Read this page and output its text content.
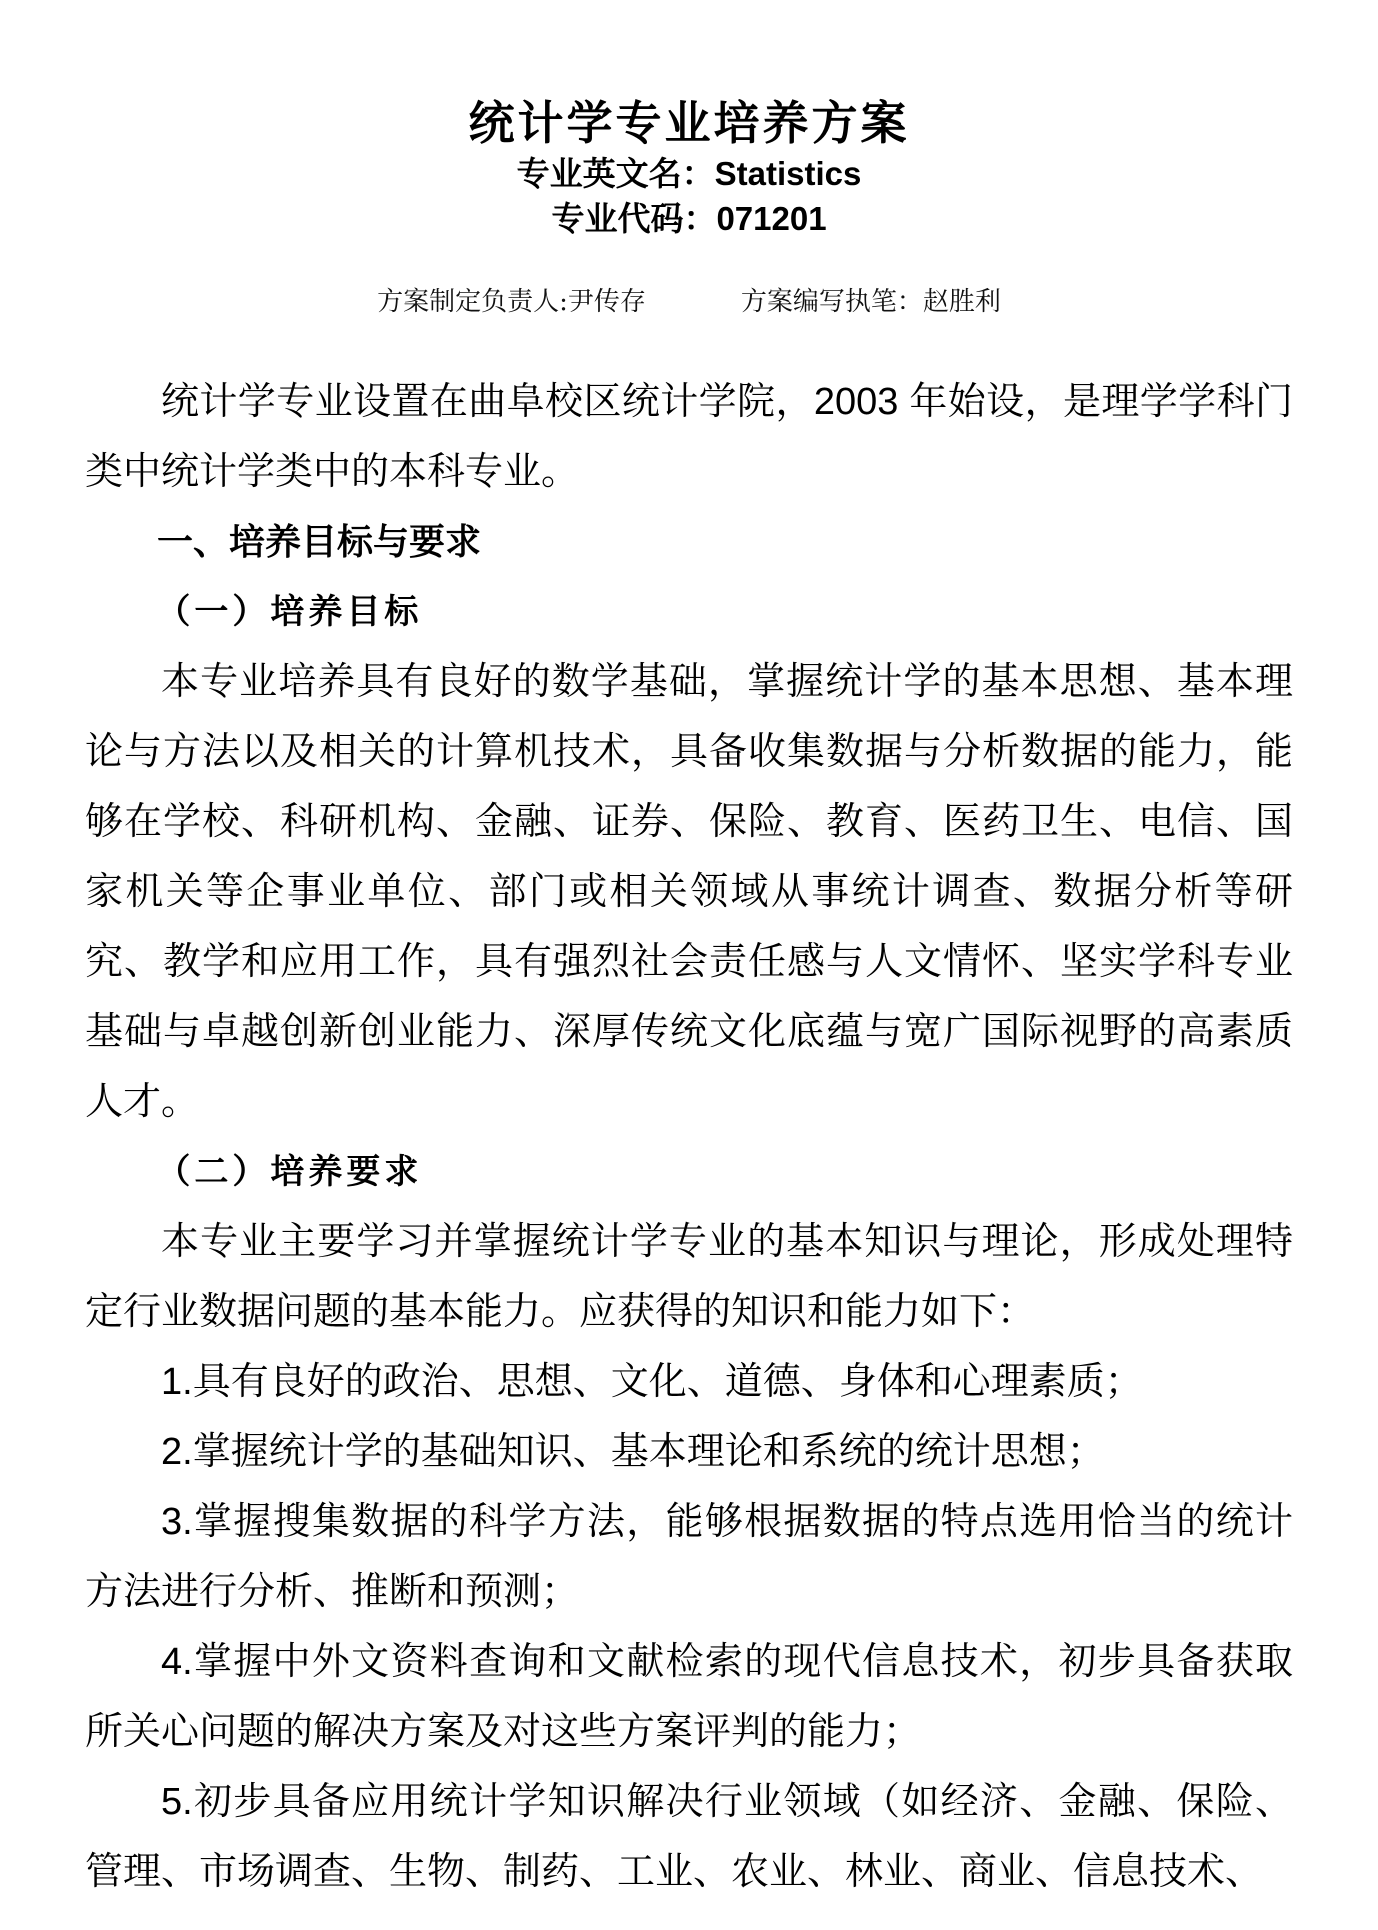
统计学专业培养方案
专业英文名：Statistics
专业代码：071201
方案制定负责人:尹传存	方案编写执笔：赵胜利

统计学专业设置在曲阜校区统计学院，2003 年始设，是理学学科门类中统计学类中的本科专业。

一、培养目标与要求
（一）培养目标

本专业培养具有良好的数学基础，掌握统计学的基本思想、基本理论与方法以及相关的计算机技术，具备收集数据与分析数据的能力，能够在学校、科研机构、金融、证券、保险、教育、医药卫生、电信、国家机关等企事业单位、部门或相关领域从事统计调查、数据分析等研究、教学和应用工作，具有强烈社会责任感与人文情怀、坚实学科专业基础与卓越创新创业能力、深厚传统文化底蕴与宽广国际视野的高素质人才。

（二）培养要求

本专业主要学习并掌握统计学专业的基本知识与理论，形成处理特定行业数据问题的基本能力。应获得的知识和能力如下：

1.具有良好的政治、思想、文化、道德、身体和心理素质；

2.掌握统计学的基础知识、基本理论和系统的统计思想；

3.掌握搜集数据的科学方法，能够根据数据的特点选用恰当的统计方法进行分析、推断和预测；

4.掌握中外文资料查询和文献检索的现代信息技术，初步具备获取所关心问题的解决方案及对这些方案评判的能力；

5.初步具备应用统计学知识解决行业领域（如经济、金融、保险、管理、市场调查、生物、制药、工业、农业、林业、商业、信息技术、
